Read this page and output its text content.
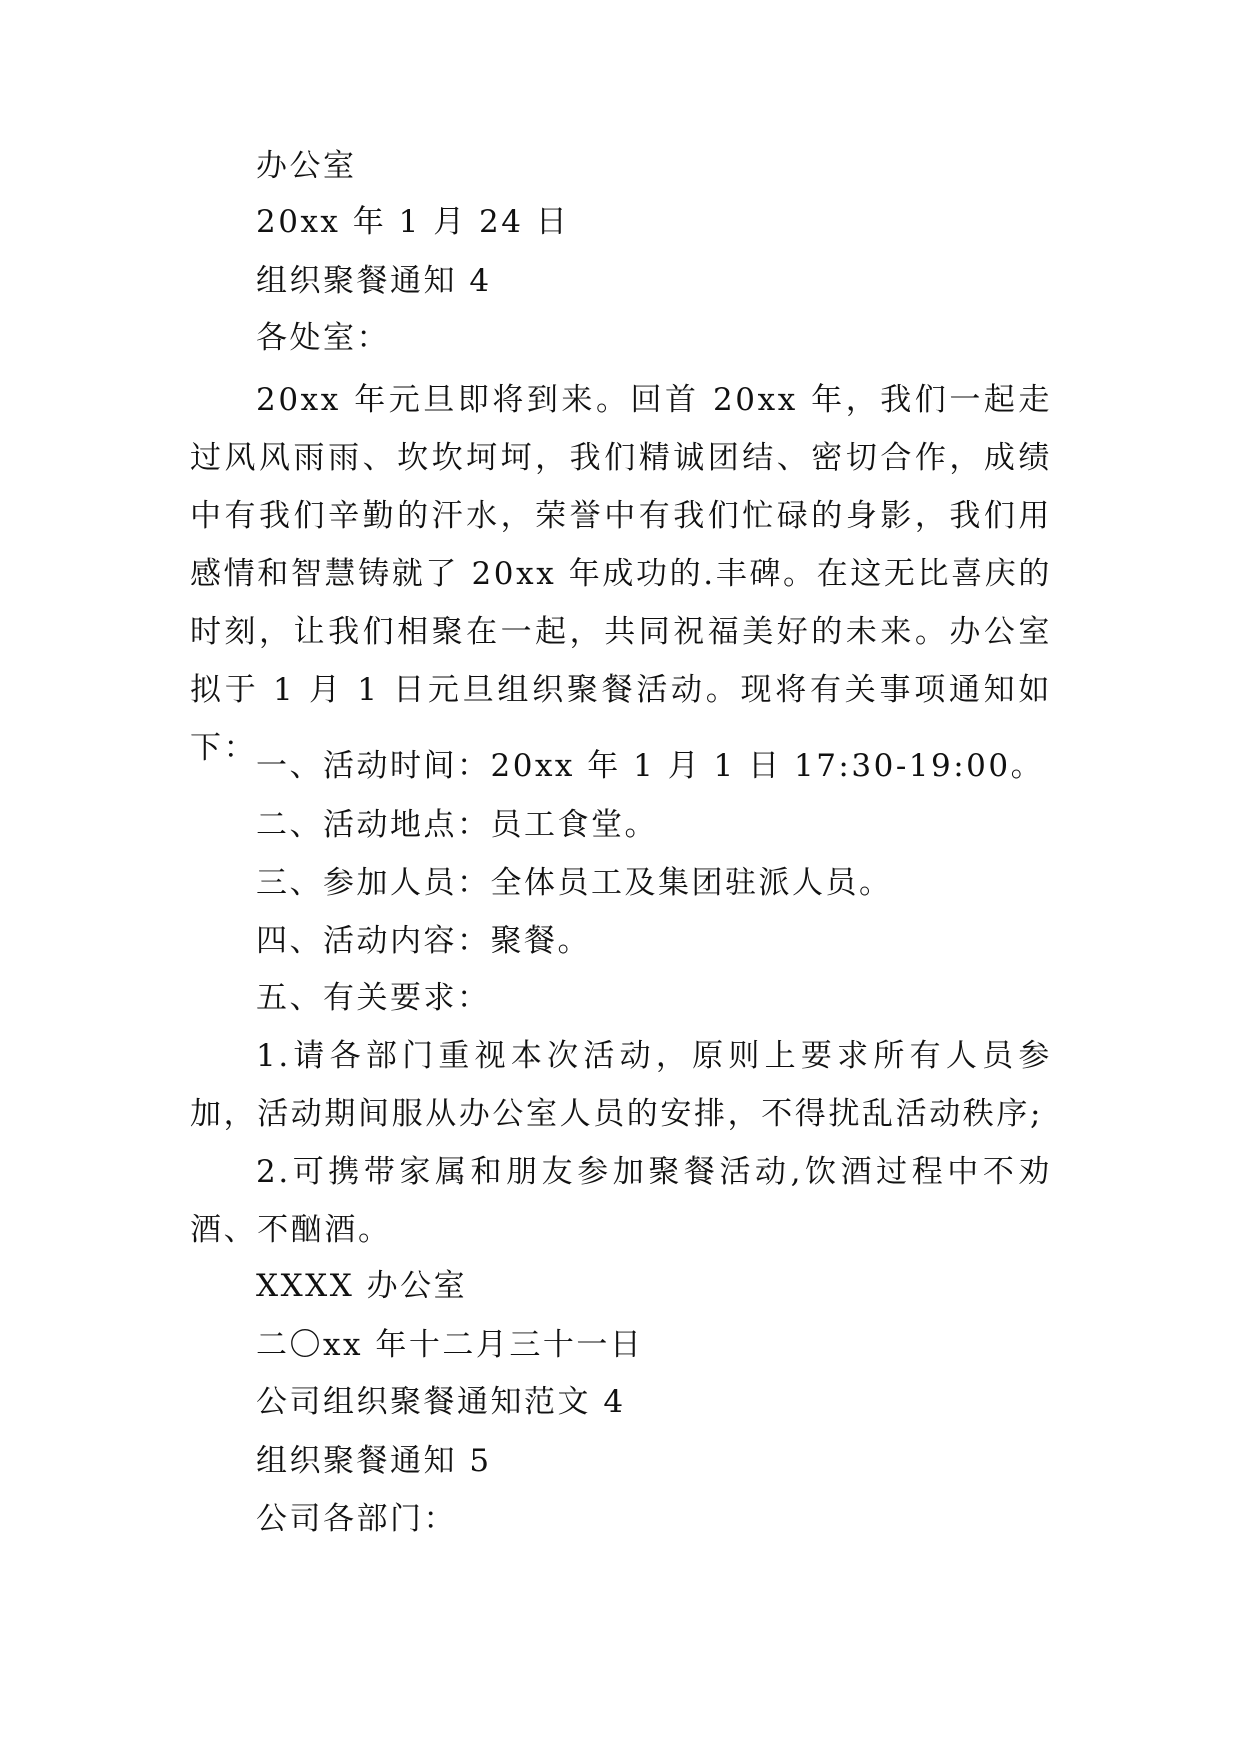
办公室
20xx 年 1 月 24 日
组织聚餐通知 4
各处室：
20xx 年元旦即将到来。回首 20xx 年，我们一起走过风风雨雨、坎坎坷坷，我们精诚团结、密切合作，成绩中有我们辛勤的汗水，荣誉中有我们忙碌的身影，我们用感情和智慧铸就了 20xx 年成功的.丰碑。在这无比喜庆的时刻，让我们相聚在一起，共同祝福美好的未来。办公室拟于 1 月 1 日元旦组织聚餐活动。现将有关事项通知如下：
一、活动时间：20xx 年 1 月 1 日 17:30-19:00。
二、活动地点：员工食堂。
三、参加人员：全体员工及集团驻派人员。
四、活动内容：聚餐。
五、有关要求：
1.请各部门重视本次活动，原则上要求所有人员参加，活动期间服从办公室人员的安排，不得扰乱活动秩序;
2.可携带家属和朋友参加聚餐活动,饮酒过程中不劝酒、不酗酒。
XXXX 办公室
二〇xx 年十二月三十一日
公司组织聚餐通知范文 4
组织聚餐通知 5
公司各部门：
